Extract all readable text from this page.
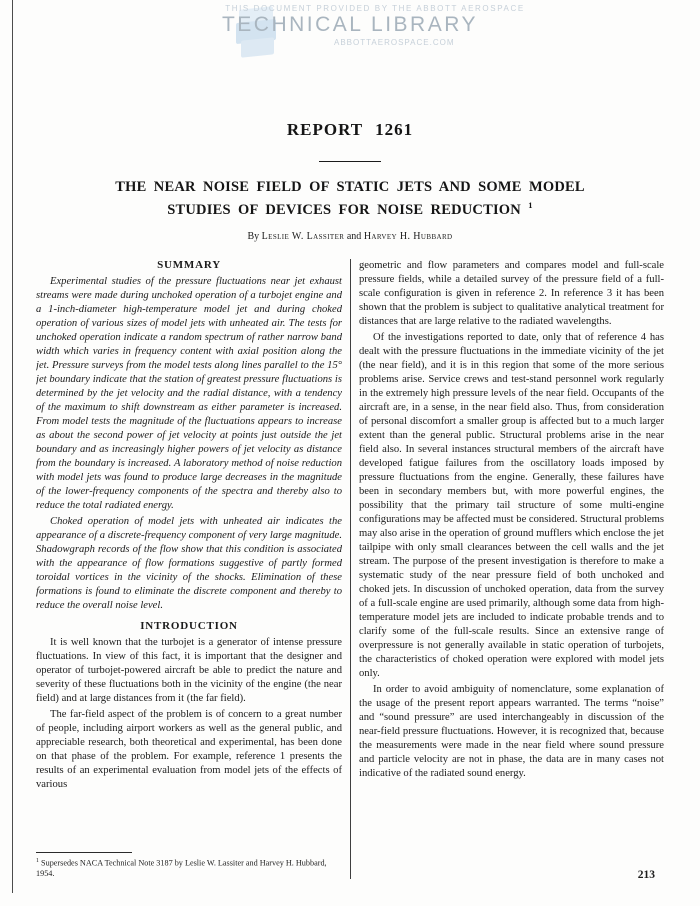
THIS DOCUMENT PROVIDED BY THE ABBOTT AEROSPACE
TECHNICAL LIBRARY
ABBOTTAEROSPACE.COM
REPORT 1261
THE NEAR NOISE FIELD OF STATIC JETS AND SOME MODEL
STUDIES OF DEVICES FOR NOISE REDUCTION $^1$
By Leslie W. Lassiter and Harvey H. Hubbard
SUMMARY

Experimental studies of the pressure fluctuations near jet exhaust streams were made during unchoked operation of a turbojet engine and a 1-inch-diameter high-temperature model jet and during choked operation of various sizes of model jets with unheated air. The tests for unchoked operation indicate a random spectrum of rather narrow band width which varies in frequency content with axial position along the jet. Pressure surveys from the model tests along lines parallel to the 15° jet boundary indicate that the station of greatest pressure fluctuations is determined by the jet velocity and the radial distance, with a tendency of the maximum to shift downstream as either parameter is increased. From model tests the magnitude of the fluctuations appears to increase as about the second power of jet velocity at points just outside the jet boundary and as increasingly higher powers of jet velocity as distance from the boundary is increased. A laboratory method of noise reduction with model jets was found to produce large decreases in the magnitude of the lower-frequency components of the spectra and thereby also to reduce the total radiated energy.

Choked operation of model jets with unheated air indicates the appearance of a discrete-frequency component of very large magnitude. Shadowgraph records of the flow show that this condition is associated with the appearance of flow formations suggestive of partly formed toroidal vortices in the vicinity of the shocks. Elimination of these formations is found to eliminate the discrete component and thereby to reduce the overall noise level.

INTRODUCTION

It is well known that the turbojet is a generator of intense pressure fluctuations. In view of this fact, it is important that the designer and operator of turbojet-powered aircraft be able to predict the nature and severity of these fluctuations both in the vicinity of the engine (the near field) and at large distances from it (the far field).

The far-field aspect of the problem is of concern to a great number of people, including airport workers as well as the general public, and appreciable research, both theoretical and experimental, has been done on that phase of the problem. For example, reference 1 presents the results of an experimental evaluation from model jets of the effects of various

$^1$ Supersedes NACA Technical Note 3187 by Leslie W. Lassiter and Harvey H. Hubbard, 1954.

geometric and flow parameters and compares model and full-scale pressure fields, while a detailed survey of the pressure field of a full-scale configuration is given in reference 2. In reference 3 it has been shown that the problem is subject to qualitative analytical treatment for distances that are large relative to the radiated wavelengths.

Of the investigations reported to date, only that of reference 4 has dealt with the pressure fluctuations in the immediate vicinity of the jet (the near field), and it is in this region that some of the more serious problems arise. Service crews and test-stand personnel work regularly in the extremely high pressure levels of the near field. Occupants of the aircraft are, in a sense, in the near field also. Thus, from consideration of personal discomfort a smaller group is affected but to a much larger extent than the general public. Structural problems arise in the near field also. In several instances structural members of the aircraft have developed fatigue failures from the oscillatory loads imposed by pressure fluctuations from the engine. Generally, these failures have been in secondary members but, with more powerful engines, the possibility that the primary tail structure of some multi-engine configurations may be affected must be considered. Structural problems may also arise in the operation of ground mufflers which enclose the jet tailpipe with only small clearances between the cell walls and the jet stream. The purpose of the present investigation is therefore to make a systematic study of the near pressure field of both unchoked and choked jets. In discussion of unchoked operation, data from the survey of a full-scale engine are used primarily, although some data from high-temperature model jets are included to indicate probable trends and to clarify some of the full-scale results. Since an extensive range of overpressure is not generally available in static operation of turbojets, the characteristics of choked operation were explored with model jets only.

In order to avoid ambiguity of nomenclature, some explanation of the usage of the present report appears warranted. The terms “noise” and “sound pressure” are used interchangeably in discussion of the near-field pressure fluctuations. However, it is recognized that, because the measurements were made in the near field where sound pressure and particle velocity are not in phase, the data are in many cases not indicative of the radiated sound energy.

213
